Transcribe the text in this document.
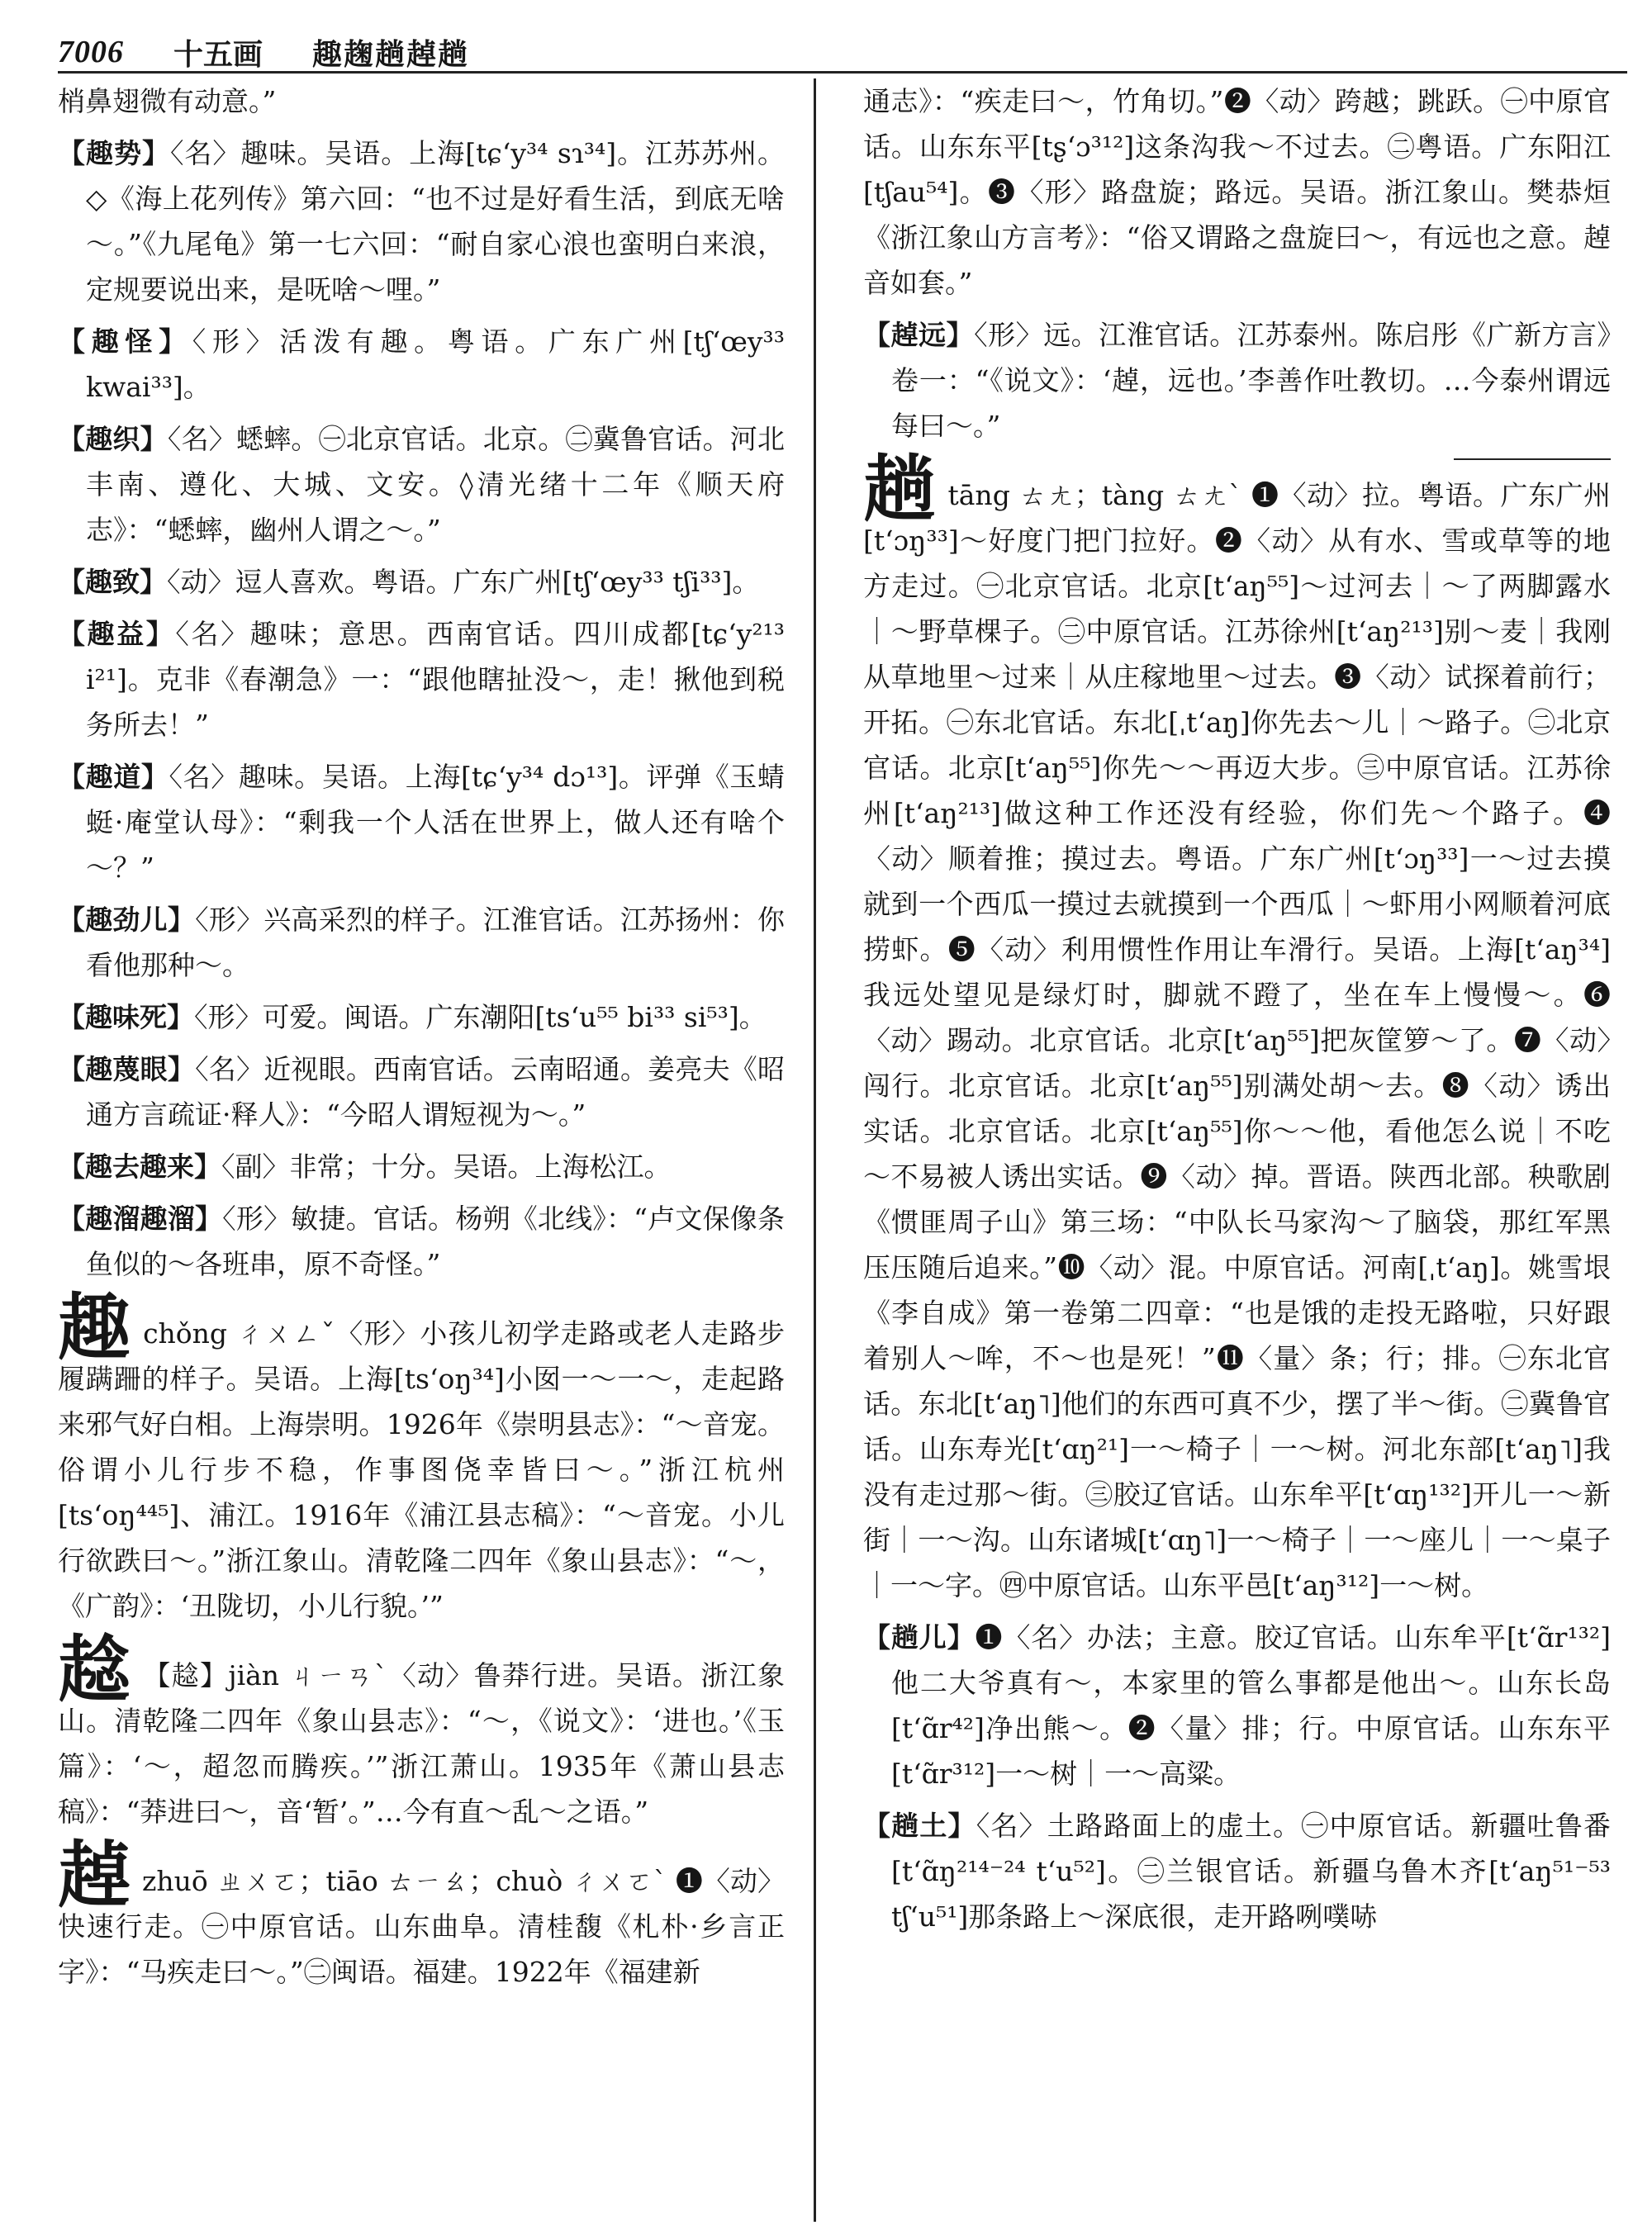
7006 十五画 趣趜趟趠趟

梢鼻翅微有动意。”

【趣势】〈名〉趣味。吴语。上海[tɕ‘y³⁴ sɿ³⁴]。江苏苏州。◇《海上花列传》第六回：“也不过是好看生活，到底无啥～。”《九尾龟》第一七六回：“耐自家心浪也蛮明白来浪，定规要说出来，是呒啥～哩。”

【趣怪】〈形〉活泼有趣。粤语。广东广州[tʃ‘œy³³ kwai³³]。

【趣织】〈名〉蟋蟀。㊀北京官话。北京。㊁冀鲁官话。河北丰南、遵化、大城、文安。◊清光绪十二年《顺天府志》：“蟋蟀，幽州人谓之～。”

【趣致】〈动〉逗人喜欢。粤语。广东广州[tʃ‘œy³³ tʃi³³]。

【趣益】〈名〉趣味；意思。西南官话。四川成都[tɕ‘y²¹³ i²¹]。克非《春潮急》一：“跟他瞎扯没～，走！揪他到税务所去！”

【趣道】〈名〉趣味。吴语。上海[tɕ‘y³⁴ dɔ¹³]。评弹《玉蜻蜓·庵堂认母》：“剩我一个人活在世界上，做人还有啥个～？”

【趣劲儿】〈形〉兴高采烈的样子。江淮官话。江苏扬州：你看他那种～。

【趣味死】〈形〉可爱。闽语。广东潮阳[ts‘u⁵⁵ bi³³ si⁵³]。

【趣蔑眼】〈名〉近视眼。西南官话。云南昭通。姜亮夫《昭通方言疏证·释人》：“今昭人谓短视为～。”

【趣去趣来】〈副〉非常；十分。吴语。上海松江。

【趣溜趣溜】〈形〉敏捷。官话。杨朔《北线》：“卢文保像条鱼似的～各班串，原不奇怪。”

趣chǒng ㄔㄨㄥˇ〈形〉小孩儿初学走路或老人走路步履蹒跚的样子。吴语。上海[ts‘oŋ³⁴]小囡一～一～，走起路来邪气好白相。上海崇明。1926年《崇明县志》：“～音宠。俗谓小儿行步不稳，作事图侥幸皆曰～。”浙江杭州[ts‘oŋ⁴⁴⁵]、浦江。1916年《浦江县志稿》：“～音宠。小儿行欲跌曰～。”浙江象山。清乾隆二四年《象山县志》：“～，《广韵》：‘丑陇切，小儿行貌。’”

趝 【趝】jiàn ㄐㄧㄢˋ〈动〉鲁莽行进。吴语。浙江象山。清乾隆二四年《象山县志》：“～，《说文》：‘进也。’《玉篇》：‘～，超忽而腾疾。’”浙江萧山。1935年《萧山县志稿》：“莽进曰～，音‘暂’。”…今有直～乱～之语。”

趠zhuō ㄓㄨㄛ；tiāo ㄊㄧㄠ；chuò ㄔㄨㄛˋ ❶〈动〉快速行走。㊀中原官话。山东曲阜。清桂馥《札朴·乡言正字》：“马疾走曰～。”㊁闽语。福建。1922年《福建新

通志》：“疾走曰～，竹角切。”❷〈动〉跨越；跳跃。㊀中原官话。山东东平[tʂ‘ɔ³¹²]这条沟我～不过去。㊁粤语。广东阳江[tʃau⁵⁴]。❸〈形〉路盘旋；路远。吴语。浙江象山。樊恭烜《浙江象山方言考》：“俗又谓路之盘旋曰～，有远也之意。趠音如套。”

【趠远】〈形〉远。江淮官话。江苏泰州。陈启彤《广新方言》卷一：“《说文》：‘趠，远也。’李善作吐教切。…今泰州谓远每曰～。”

趟tāng ㄊㄤ；tàng ㄊㄤˋ ❶〈动〉拉。粤语。广东广州[t‘ɔŋ³³]～好度门把门拉好。❷〈动〉从有水、雪或草等的地方走过。㊀北京官话。北京[t‘aŋ⁵⁵]～过河去｜～了两脚露水｜～野草棵子。㊁中原官话。江苏徐州[t‘aŋ²¹³]别～麦｜我刚从草地里～过来｜从庄稼地里～过去。❸〈动〉试探着前行；开拓。㊀东北官话。东北[ˌt‘aŋ]你先去～儿｜～路子。㊁北京官话。北京[t‘aŋ⁵⁵]你先～～再迈大步。㊂中原官话。江苏徐州[t‘aŋ²¹³]做这种工作还没有经验，你们先～个路子。❹〈动〉顺着推；摸过去。粤语。广东广州[t‘ɔŋ³³]一～过去摸就到一个西瓜一摸过去就摸到一个西瓜｜～虾用小网顺着河底捞虾。❺〈动〉利用惯性作用让车滑行。吴语。上海[t‘aŋ³⁴]我远处望见是绿灯时，脚就不蹬了，坐在车上慢慢～。❻〈动〉踢动。北京官话。北京[t‘aŋ⁵⁵]把灰筐箩～了。❼〈动〉闯行。北京官话。北京[t‘aŋ⁵⁵]别满处胡～去。❽〈动〉诱出实话。北京官话。北京[t‘aŋ⁵⁵]你～～他，看他怎么说｜不吃～不易被人诱出实话。❾〈动〉掉。晋语。陕西北部。秧歌剧《惯匪周子山》第三场：“中队长马家沟～了脑袋，那红军黑压压随后追来。”❿〈动〉混。中原官话。河南[ˌt‘aŋ]。姚雪垠《李自成》第一卷第二四章：“也是饿的走投无路啦，只好跟着别人～哞，不～也是死！”⓫〈量〉条；行；排。㊀东北官话。东北[t‘aŋ˥]他们的东西可真不少，摆了半～街。㊁冀鲁官话。山东寿光[t‘ɑŋ²¹]一～椅子｜一～树。河北东部[t‘aŋ˥]我没有走过那～街。㊂胶辽官话。山东牟平[t‘ɑŋ¹³²]开儿一～新街｜一～沟。山东诸城[t‘ɑŋ˥]一～椅子｜一～座儿｜一～桌子｜一～字。㊃中原官话。山东平邑[t‘aŋ³¹²]一～树。

【趟儿】❶〈名〉办法；主意。胶辽官话。山东牟平[t‘ɑ̃r¹³²]他二大爷真有～，本家里的管么事都是他出～。山东长岛[t‘ɑ̃r⁴²]净出熊～。❷〈量〉排；行。中原官话。山东东平[t‘ɑ̃r³¹²]一～树｜一～高粱。

【趟土】〈名〉土路路面上的虚土。㊀中原官话。新疆吐鲁番[t‘ɑ̃ŋ²¹⁴⁻²⁴ t‘u⁵²]。㊁兰银官话。新疆乌鲁木齐[t‘aŋ⁵¹⁻⁵³ tʃ‘u⁵¹]那条路上～深底很，走开路咧噗哧
